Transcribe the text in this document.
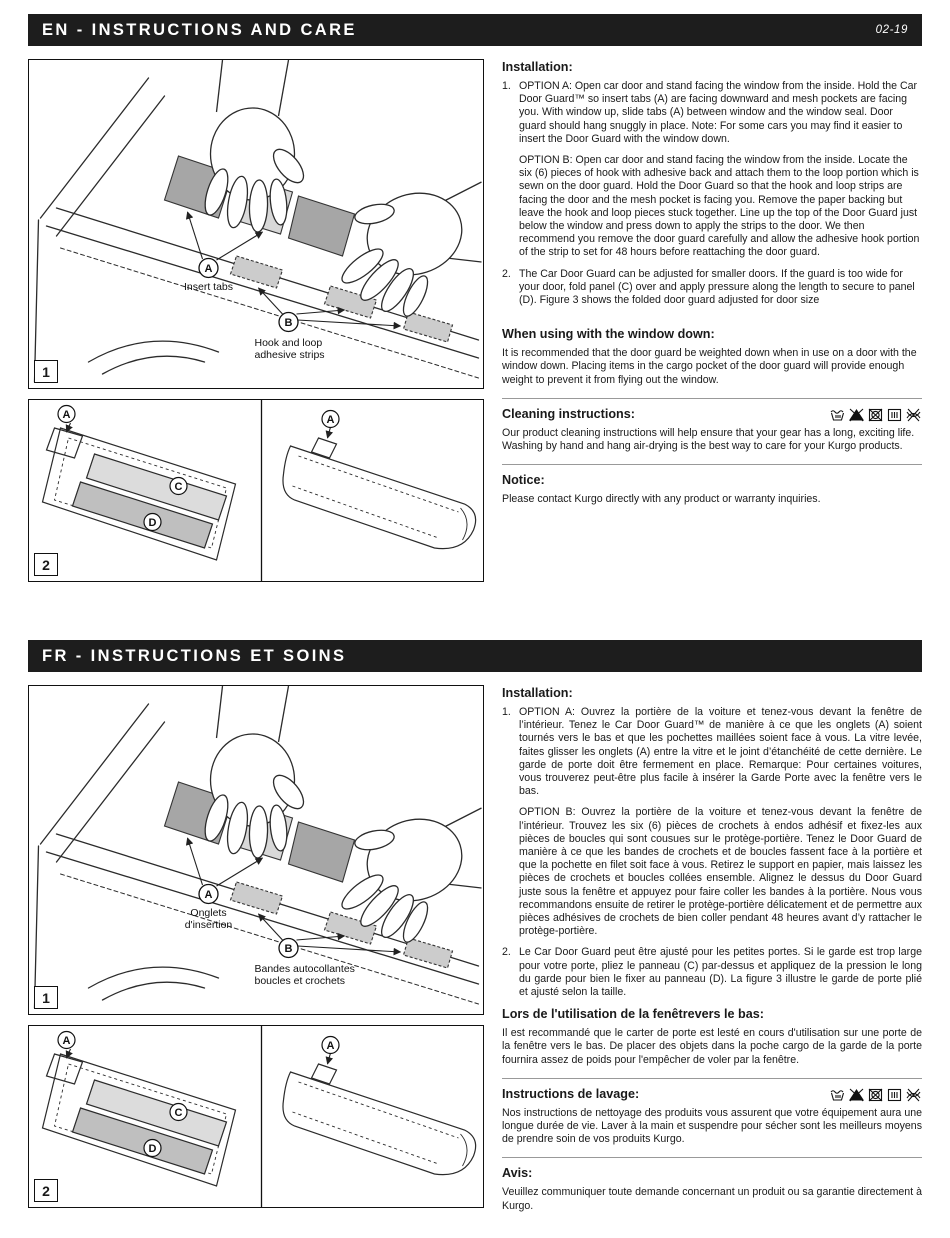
EN - INSTRUCTIONS AND CARE	02-19
A
B
Insert tabs
Hook and loop
adhesive strips
1
A
C
D
A
2
Installation:
1. OPTION A: Open car door and stand facing the window from the inside. Hold the Car Door Guard™ so insert tabs (A) are facing downward and mesh pockets are facing you. With window up, slide tabs (A) between window and the window seal. Door guard should hang snuggly in place. Note: For some cars you may find it easier to insert the Door Guard with the window down.

OPTION B: Open car door and stand facing the window from the inside. Locate the six (6) pieces of hook with adhesive back and attach them to the loop portion which is sewn on the door guard. Hold the Door Guard so that the hook and loop strips are facing the door and the mesh pocket is facing you. Remove the paper backing but leave the hook and loop pieces stuck together. Line up the top of the Door Guard just below the window and press down to apply the strips to the door. We then recommend you remove the door guard carefully and allow the adhesive hook portion of the strip to set for 48 hours before reattaching the door guard.

2. The Car Door Guard can be adjusted for smaller doors. If the guard is too wide for your door, fold panel (C) over and apply pressure along the length to secure to panel (D). Figure 3 shows the folded door guard adjusted for door size

When using with the window down:

It is recommended that the door guard be weighted down when in use on a door with the window down. Placing items in the cargo pocket of the door guard will provide enough weight to prevent it from flying out the window.

Cleaning instructions:

Our product cleaning instructions will help ensure that your gear has a long, exciting life. Washing by hand and hang air-drying is the best way to care for your Kurgo products.

Notice:

Please contact Kurgo directly with any product or warranty inquiries.

FR - INSTRUCTIONS ET SOINS
A
B
Onglets
d'insertion
Bandes autocollantes
boucles et crochets
1
A
C
D
A
2
Installation:
1. OPTION A: Ouvrez la portière de la voiture et tenez-vous devant la fenêtre de l’intérieur. Tenez le Car Door Guard™ de manière à ce que les onglets (A) soient tournés vers le bas et que les pochettes maillées soient face à vous. La vitre levée, faites glisser les onglets (A) entre la vitre et le joint d’étanchéité de cette dernière. Le garde de porte doit être fermement en place. Remarque: Pour certaines voitures, vous trouverez peut-être plus facile à insérer la Garde Porte avec la fenêtre vers le bas.

OPTION B: Ouvrez la portière de la voiture et tenez-vous devant la fenêtre de l’intérieur. Trouvez les six (6) pièces de crochets à endos adhésif et fixez-les aux pièces de boucles qui sont cousues sur le protège-portière. Tenez le Door Guard de manière à ce que les bandes de crochets et de boucles fassent face à la portière et que la pochette en filet soit face à vous. Retirez le support en papier, mais laissez les pièces de crochets et boucles collées ensemble. Alignez le dessus du Door Guard juste sous la fenêtre et appuyez pour faire coller les bandes à la portière. Nous vous recommandons ensuite de retirer le protège-portière délicatement et de permettre aux pièces adhésives de crochets de bien coller pendant 48 heures avant d’y rattacher le protège-portière.

2. Le Car Door Guard peut être ajusté pour les petites portes. Si le garde est trop large pour votre porte, pliez le panneau (C) par-dessus et appliquez de la pression le long du garde pour bien le fixer au panneau (D). La figure 3 illustre le garde de porte plié et ajusté selon la taille.

Lors de l'utilisation de la fenêtrevers le bas:

Il est recommandé que le carter de porte est lesté en cours d'utilisation sur une porte de la fenêtre vers le bas. De placer des objets dans la poche cargo de la garde de la porte fournira assez de poids pour l'empêcher de voler par la fenêtre.

Instructions de lavage:

Nos instructions de nettoyage des produits vous assurent que votre équipement aura une longue durée de vie. Laver à la main et suspendre pour sécher sont les meilleurs moyens de prendre soin de vos produits Kurgo.

Avis:

Veuillez communiquer toute demande concernant un produit ou sa garantie directement à Kurgo.
